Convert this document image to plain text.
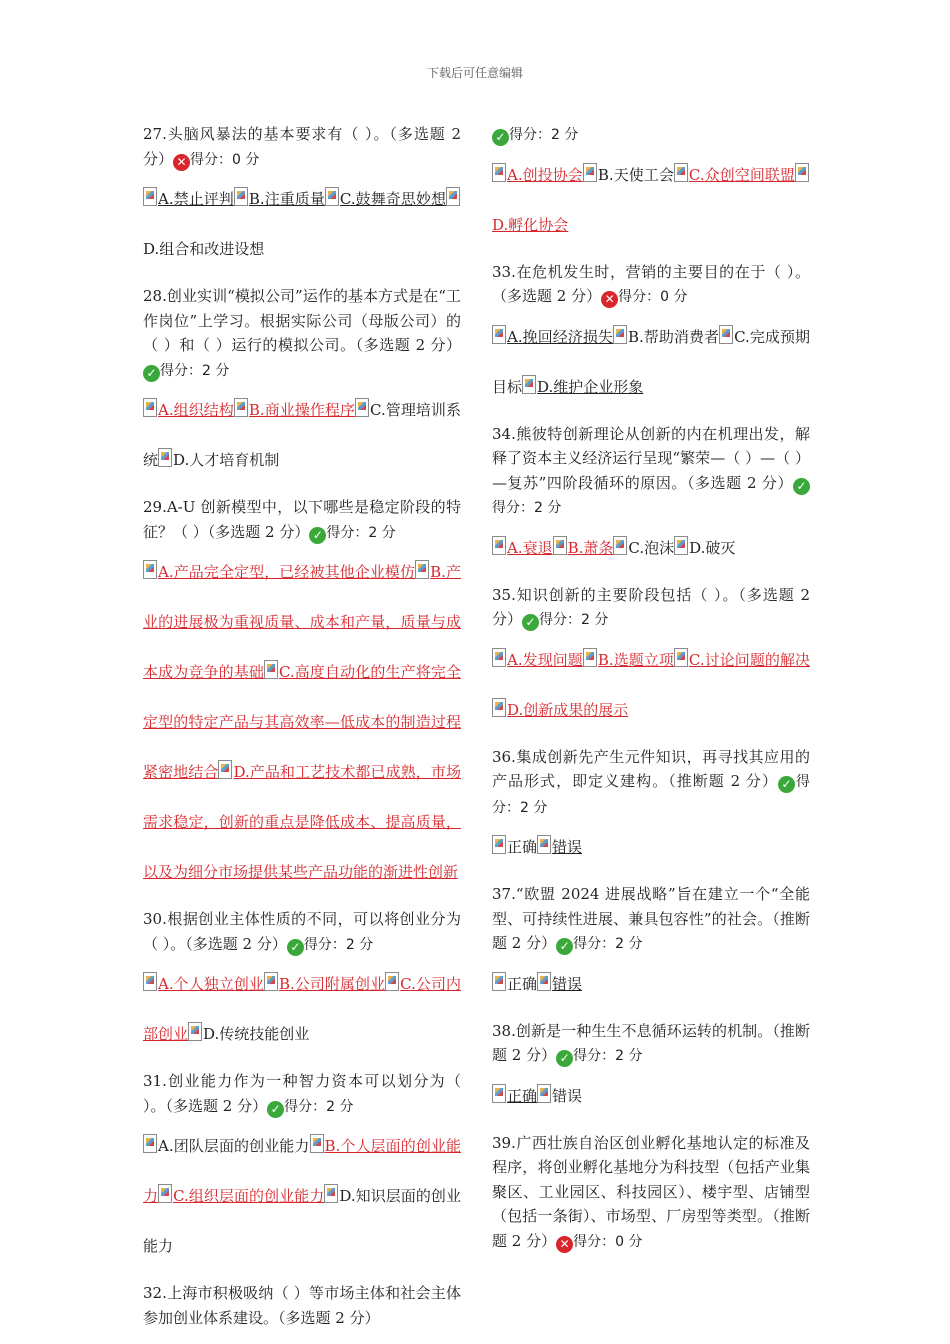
下载后可任意编辑
27.头脑风暴法的基本要求有（ ）。（多选题 2 分） ✕ 得分：0 分
A.禁止评判 B.注重质量 C.鼓舞奇思妙想D.组合和改进设想
28.创业实训“模拟公司”运作的基本方式是在“工作岗位”上学习。根据实际公司（母版公司）的（ ）和（ ）运行的模拟公司。（多选题 2 分）✓ 得分：2 分
A.组织结构 B.商业操作程序 C.管理培训系统 D.人才培育机制
29.A-U 创新模型中，以下哪些是稳定阶段的特征？（ ）（多选题 2 分） ✓ 得分：2 分
A.产品完全定型，已经被其他企业模仿 B.产业的进展极为重视质量、成本和产量，质量与成本成为竞争的基础 C.高度自动化的生产将完全定型的特定产品与其高效率—低成本的制造过程紧密地结合 D.产品和工艺技术都已成熟，市场需求稳定，创新的重点是降低成本、提高质量，以及为细分市场提供某些产品功能的渐进性创新
30.根据创业主体性质的不同，可以将创业分为（ ）。（多选题 2 分） ✓ 得分：2 分
A.个人独立创业 B.公司附属创业 C.公司内部创业 D.传统技能创业
31.创业能力作为一种智力资本可以划分为（ ）。（多选题 2 分） ✓ 得分：2 分
A.团队层面的创业能力 B.个人层面的创业能力 C.组织层面的创业能力 D.知识层面的创业能力
32.上海市积极吸纳（ ）等市场主体和社会主体参加创业体系建设。（多选题 2 分）
✓ 得分：2 分
A.创投协会 B.天使工会 C.众创空间联盟D.孵化协会
33.在危机发生时，营销的主要目的在于（ ）。（多选题 2 分） ✕ 得分：0 分
A.挽回经济损失 B.帮助消费者 C.完成预期目标 D.维护企业形象
34.熊彼特创新理论从创新的内在机理出发，解释了资本主义经济运行呈现“繁荣—（ ）—（ ）—复苏”四阶段循环的原因。（多选题 2 分） ✓得分：2 分
A.衰退 B.萧条 C.泡沫 D.破灭
35.知识创新的主要阶段包括（ ）。（多选题 2 分） ✓ 得分：2 分
A.发现问题 B.选题立项 C.讨论问题的解决D.创新成果的展示
36.集成创新先产生元件知识，再寻找其应用的产品形式，即定义建构。（推断题 2 分） ✓ 得分：2 分
正确 错误
37.“欧盟 2024 进展战略”旨在建立一个“全能型、可持续性进展、兼具包容性”的社会。（推断题 2 分） ✓ 得分：2 分
正确 错误
38.创新是一种生生不息循环运转的机制。（推断题 2 分） ✓ 得分：2 分
正确 错误
39.广西壮族自治区创业孵化基地认定的标准及程序，将创业孵化基地分为科技型（包括产业集聚区、工业园区、科技园区）、楼宇型、店铺型（包括一条街）、市场型、厂房型等类型。（推断题 2 分） ✕ 得分：0 分
